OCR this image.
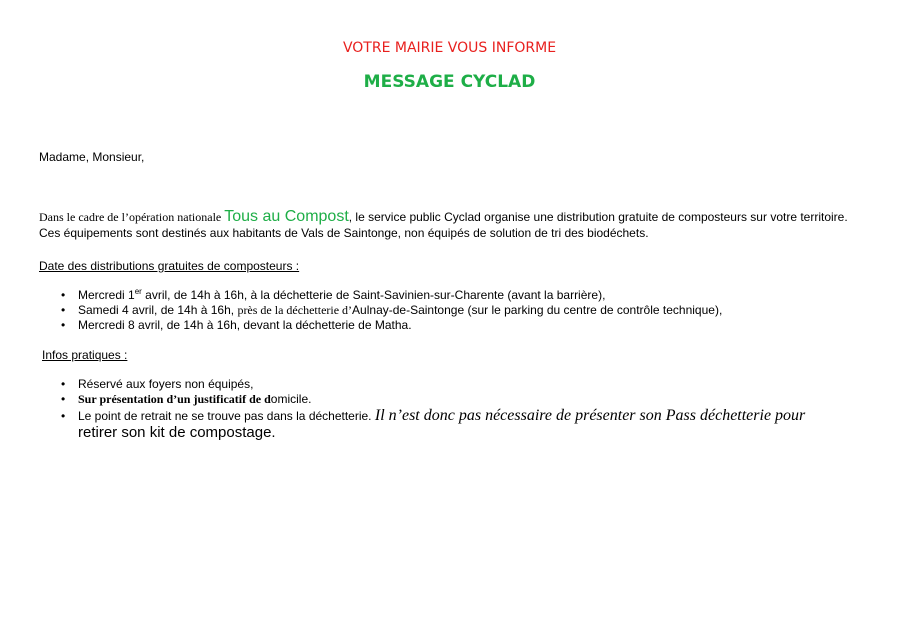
VOTRE MAIRIE VOUS INFORME
MESSAGE CYCLAD
Madame, Monsieur,
Dans le cadre de l’opération nationale Tous au Compost, le service public Cyclad organise une distribution gratuite de composteurs sur votre territoire. Ces équipements sont destinés aux habitants de Vals de Saintonge, non équipés de solution de tri des biodéchets.
Date des distributions gratuites de composteurs :
• Mercredi 1er avril, de 14h à 16h, à la déchetterie de Saint-Savinien-sur-Charente (avant la barrière),
• Samedi 4 avril, de 14h à 16h, près de la déchetterie d’Aulnay-de-Saintonge (sur le parking du centre de contrôle technique),
• Mercredi 8 avril, de 14h à 16h, devant la déchetterie de Matha.
Infos pratiques :
• Réservé aux foyers non équipés,
• Sur présentation d’un justificatif de domicile.
• Le point de retrait ne se trouve pas dans la déchetterie. Il n’est donc pas nécessaire de présenter son Pass déchetterie pour
retirer son kit de compostage.
